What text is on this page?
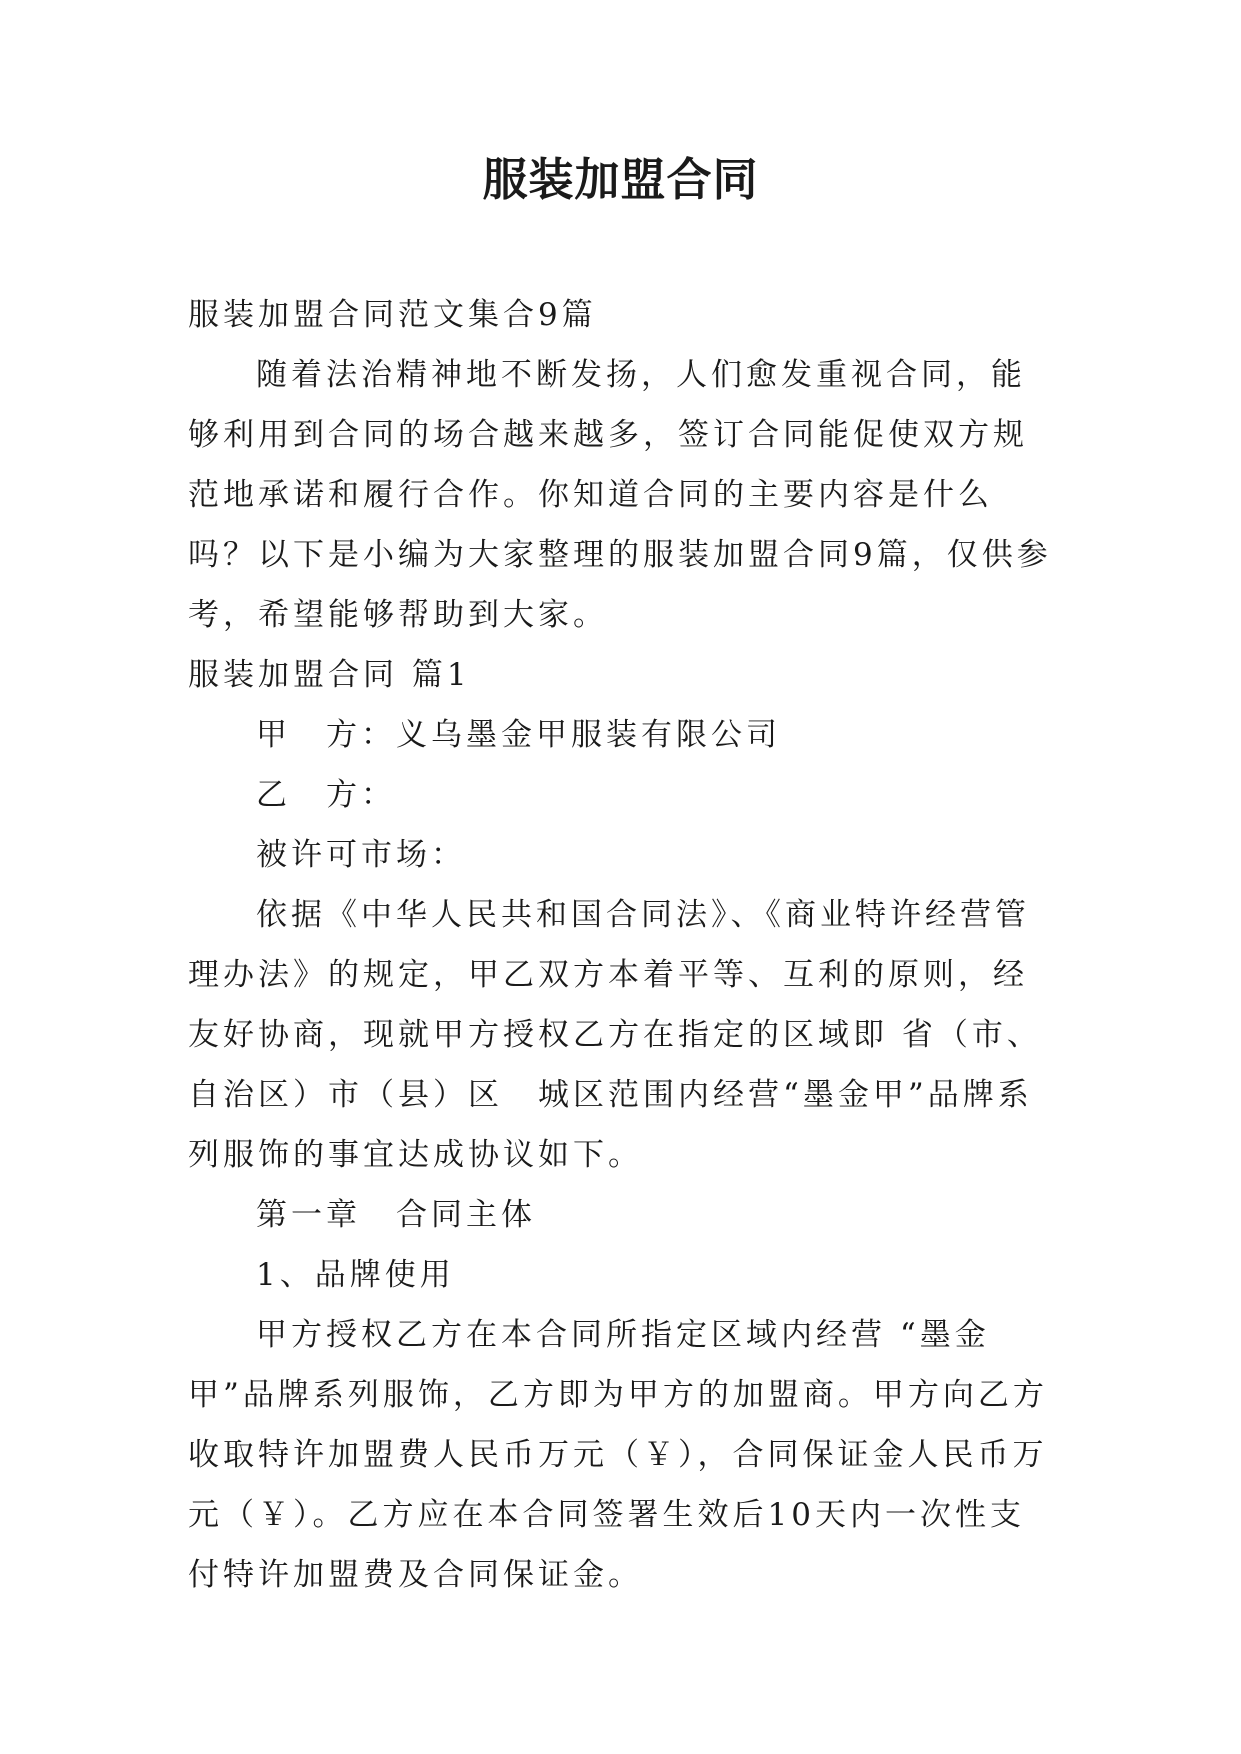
服装加盟合同

服装加盟合同范文集合9篇

随着法治精神地不断发扬，人们愈发重视合同，能够利用到合同的场合越来越多，签订合同能促使双方规范地承诺和履行合作。你知道合同的主要内容是什么吗？以下是小编为大家整理的服装加盟合同9篇，仅供参考，希望能够帮助到大家。

服装加盟合同 篇1

甲　方：义乌墨金甲服装有限公司

乙　方：

被许可市场：

依据《中华人民共和国合同法》、《商业特许经营管理办法》的规定，甲乙双方本着平等、互利的原则，经友好协商，现就甲方授权乙方在指定的区域即 省（市、自治区）市（县）区　城区范围内经营“墨金甲”品牌系列服饰的事宜达成协议如下。

第一章　合同主体

1、品牌使用

甲方授权乙方在本合同所指定区域内经营 “墨金甲”品牌系列服饰，乙方即为甲方的加盟商。甲方向乙方收取特许加盟费人民币万元（￥），合同保证金人民币万元（￥）。乙方应在本合同签署生效后10天内一次性支付特许加盟费及合同保证金。
